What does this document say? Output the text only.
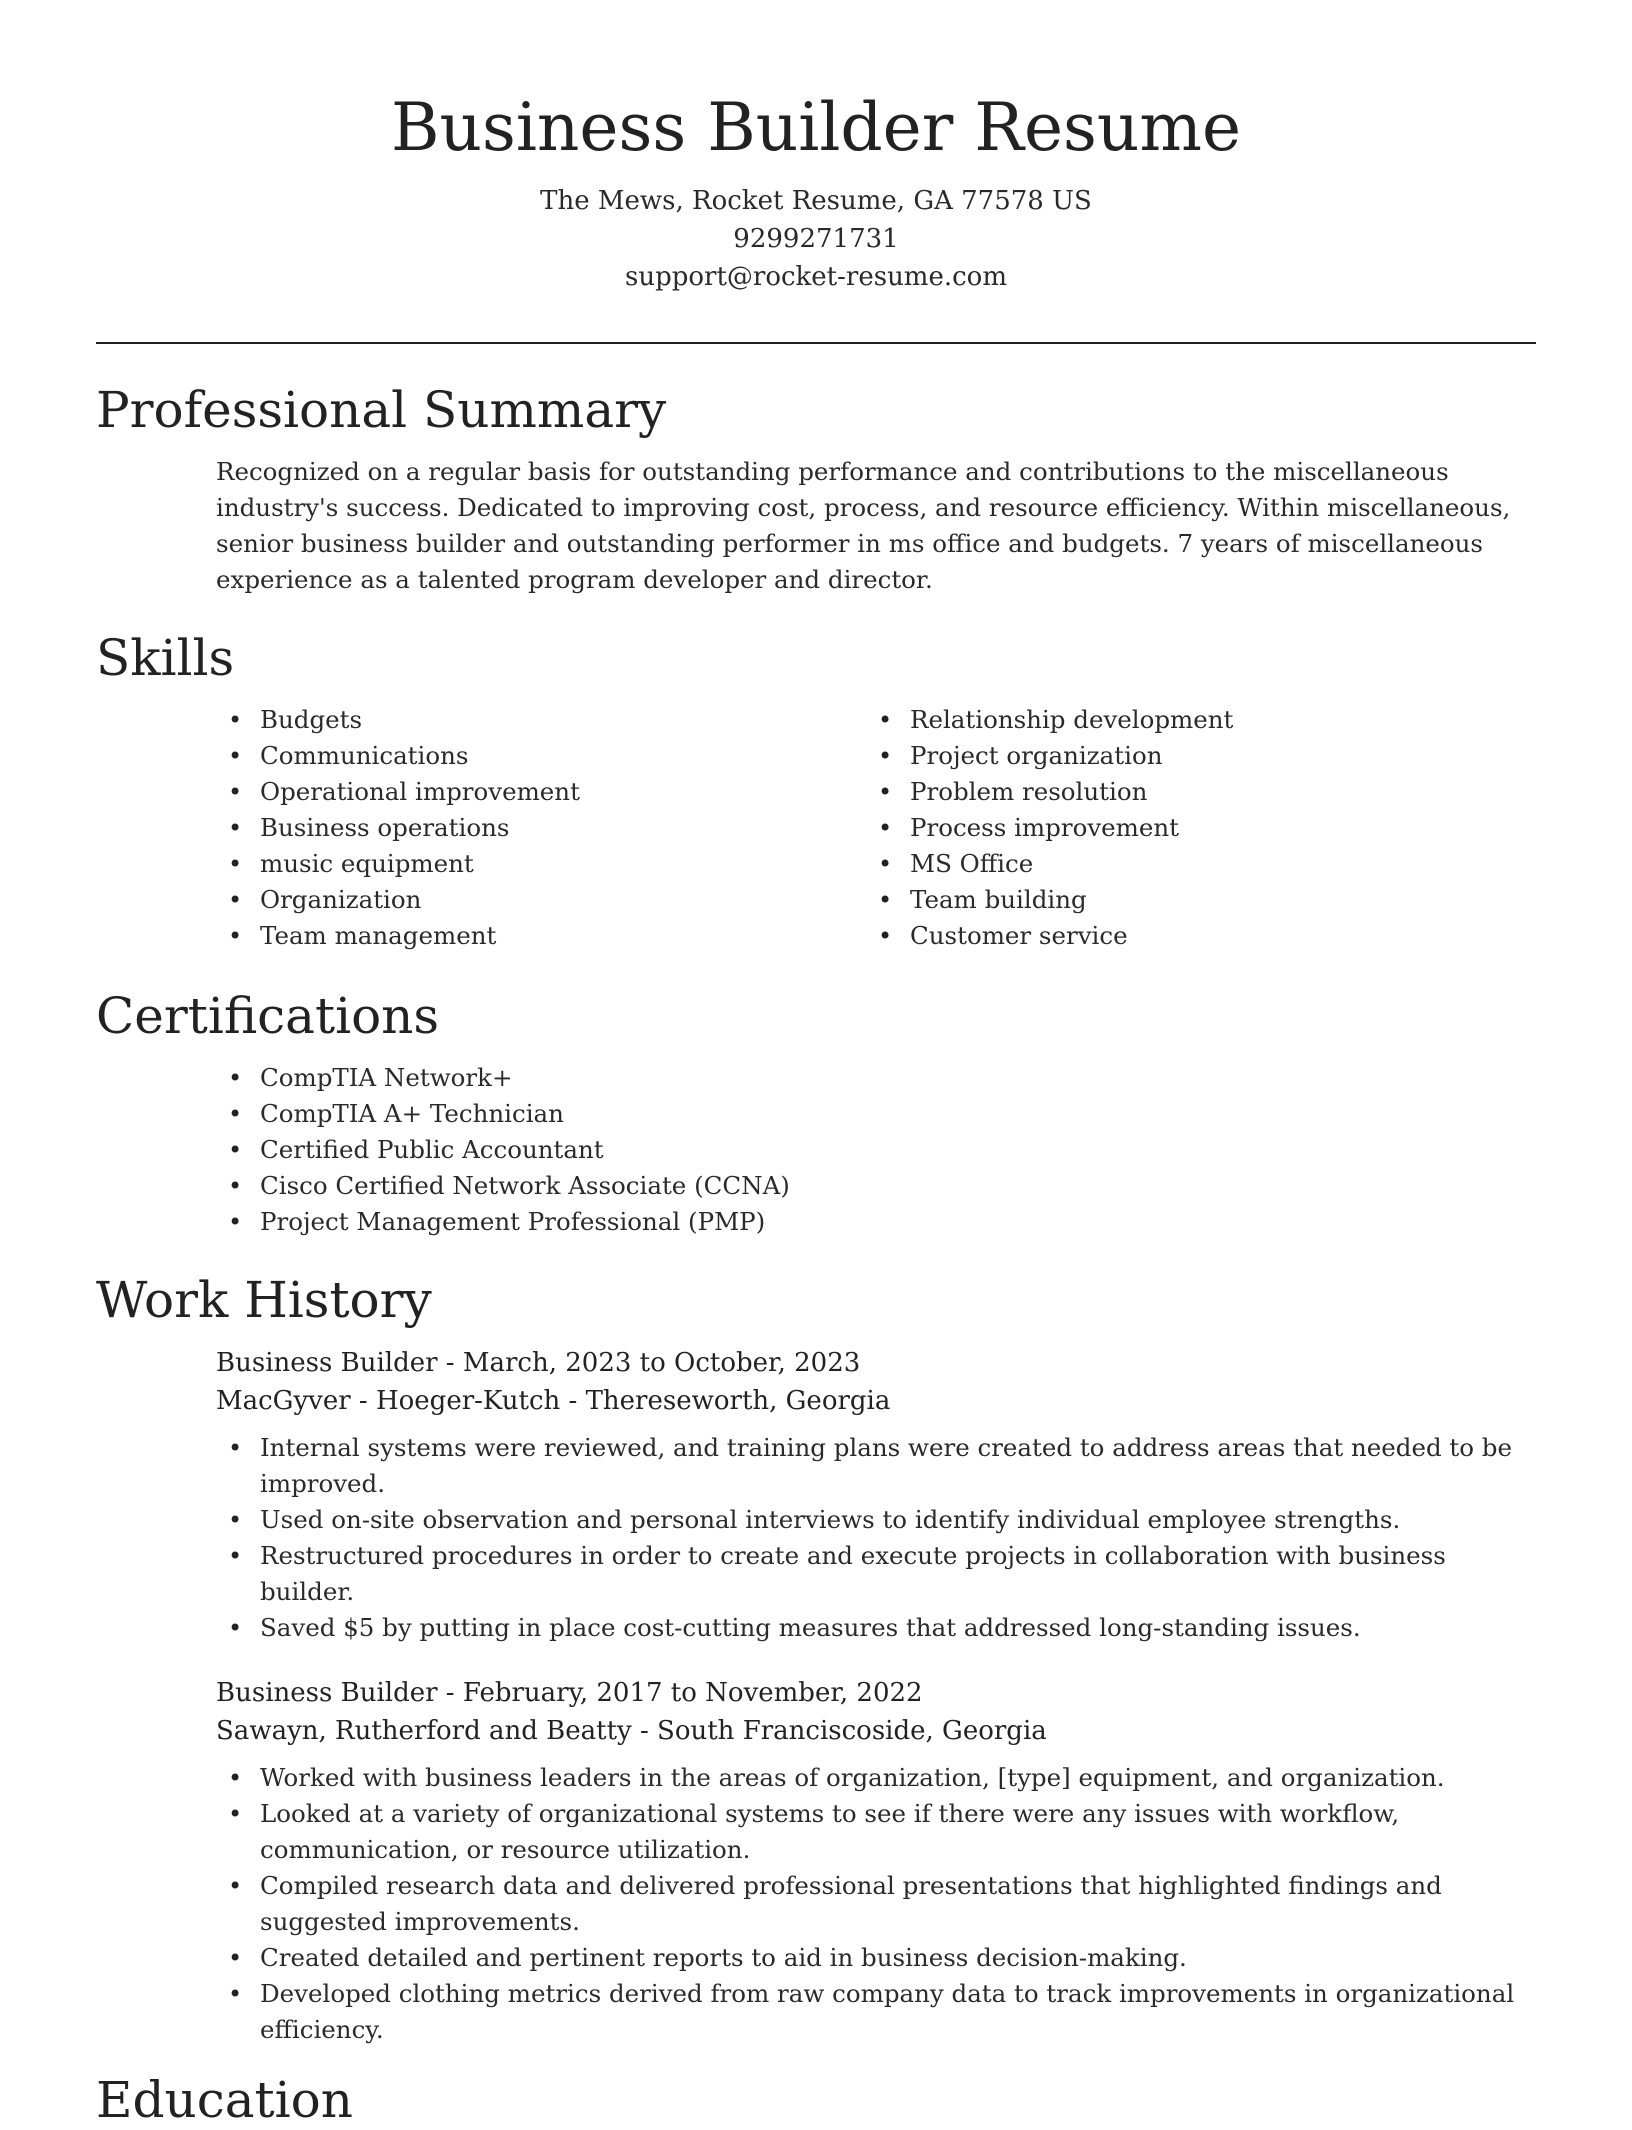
Business Builder Resume
The Mews, Rocket Resume, GA 77578 US
9299271731
support@rocket-resume.com
Professional Summary

Recognized on a regular basis for outstanding performance and contributions to the miscellaneous industry's success. Dedicated to improving cost, process, and resource efficiency. Within miscellaneous, senior business builder and outstanding performer in ms office and budgets. 7 years of miscellaneous experience as a talented program developer and director.

Skills
• Budgets
• Communications
• Operational improvement
• Business operations
• music equipment
• Organization
• Team management
• Relationship development
• Project organization
• Problem resolution
• Process improvement
• MS Office
• Team building
• Customer service
Certifications
• CompTIA Network+
• CompTIA A+ Technician
• Certified Public Accountant
• Cisco Certified Network Associate (CCNA)
• Project Management Professional (PMP)
Work History
Business Builder - March, 2023 to October, 2023
MacGyver - Hoeger-Kutch - Thereseworth, Georgia
• Internal systems were reviewed, and training plans were created to address areas that needed to be improved.
• Used on-site observation and personal interviews to identify individual employee strengths.
• Restructured procedures in order to create and execute projects in collaboration with business builder.
• Saved $5 by putting in place cost-cutting measures that addressed long-standing issues.
Business Builder - February, 2017 to November, 2022
Sawayn, Rutherford and Beatty - South Franciscoside, Georgia
• Worked with business leaders in the areas of organization, [type] equipment, and organization.
• Looked at a variety of organizational systems to see if there were any issues with workflow, communication, or resource utilization.
• Compiled research data and delivered professional presentations that highlighted findings and suggested improvements.
• Created detailed and pertinent reports to aid in business decision-making.
• Developed clothing metrics derived from raw company data to track improvements in organizational efficiency.
Education
